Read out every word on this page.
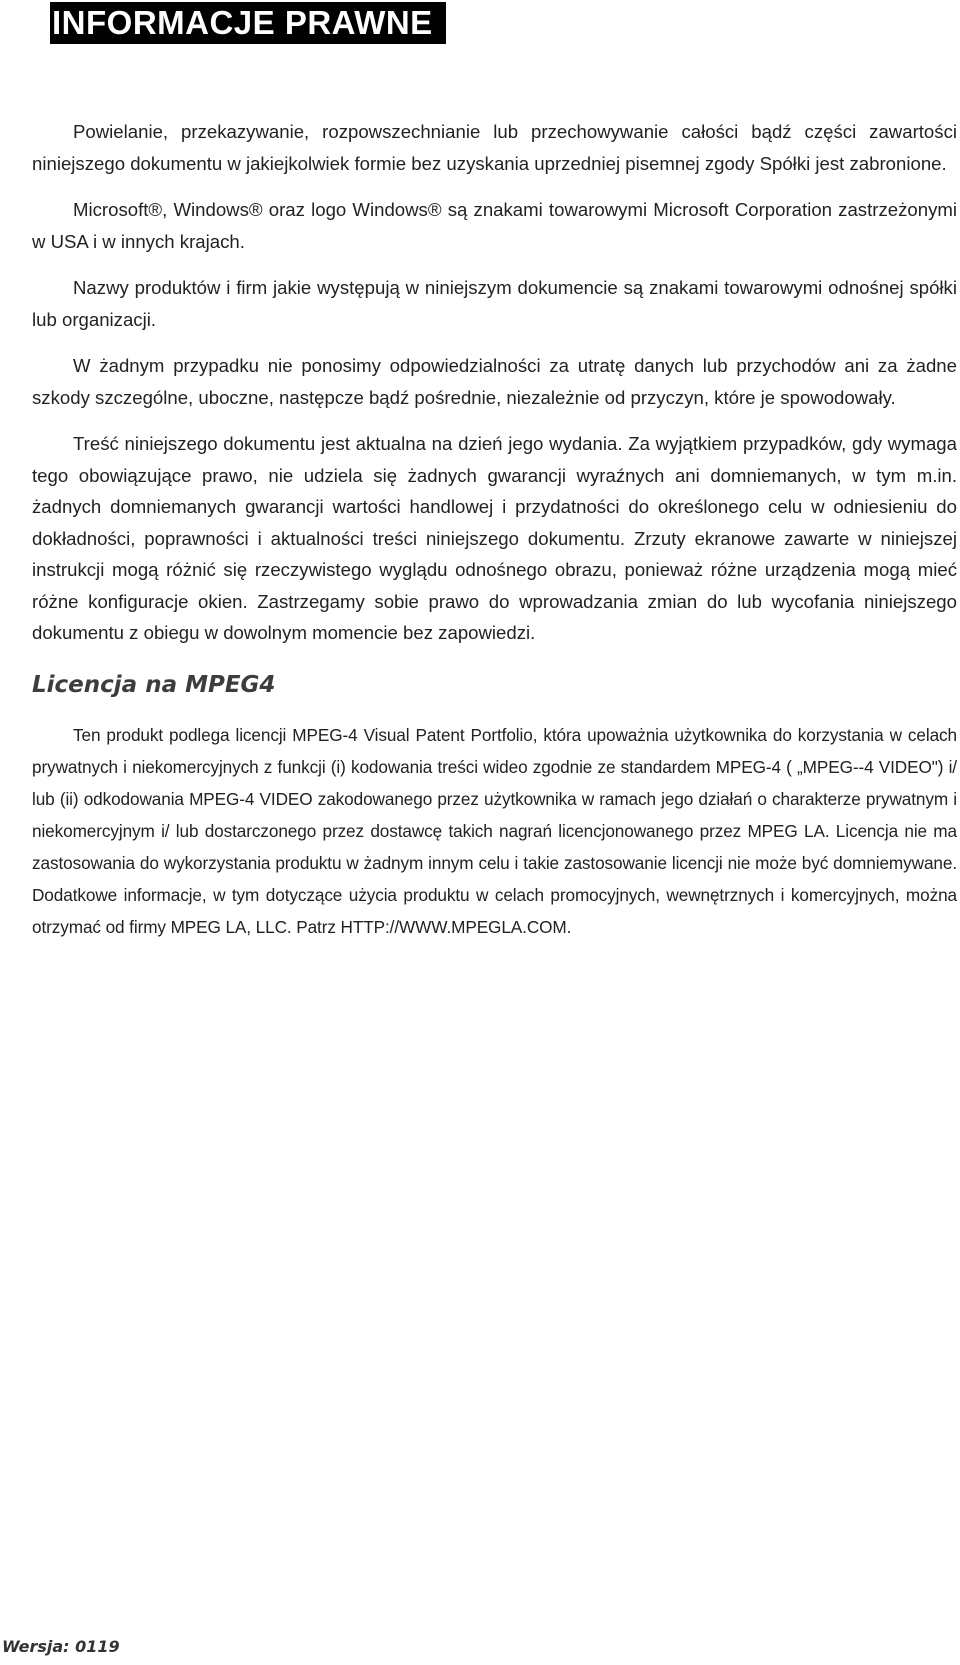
INFORMACJE PRAWNE

Powielanie, przekazywanie, rozpowszechnianie lub przechowywanie całości bądź części zawartości niniejszego dokumentu w jakiejkolwiek formie bez uzyskania uprzedniej pisemnej zgody Spółki jest zabronione.

Microsoft®, Windows® oraz logo Windows® są znakami towarowymi Microsoft Corporation zastrzeżonymi w USA i w innych krajach.

Nazwy produktów i firm jakie występują w niniejszym dokumencie są znakami towarowymi odnośnej spółki lub organizacji.

W żadnym przypadku nie ponosimy odpowiedzialności za utratę danych lub przychodów ani za żadne szkody szczególne, uboczne, następcze bądź pośrednie, niezależnie od przyczyn, które je spowodowały.

Treść niniejszego dokumentu jest aktualna na dzień jego wydania. Za wyjątkiem przypadków, gdy wymaga tego obowiązujące prawo, nie udziela się żadnych gwarancji wyraźnych ani domniemanych, w tym m.in. żadnych domniemanych gwarancji wartości handlowej i przydatności do określonego celu w odniesieniu do dokładności, poprawności i aktualności treści niniejszego dokumentu. Zrzuty ekranowe zawarte w niniejszej instrukcji mogą różnić się rzeczywistego wyglądu odnośnego obrazu, ponieważ różne urządzenia mogą mieć różne konfiguracje okien. Zastrzegamy sobie prawo do wprowadzania zmian do lub wycofania niniejszego dokumentu z obiegu w dowolnym momencie bez zapowiedzi.

Licencja na MPEG4

Ten produkt podlega licencji MPEG-4 Visual Patent Portfolio, która upoważnia użytkownika do korzystania w celach prywatnych i niekomercyjnych z funkcji (i) kodowania treści wideo zgodnie ze standardem MPEG-4 ( „MPEG--4 VIDEO") i/ lub (ii) odkodowania MPEG-4 VIDEO zakodowanego przez użytkownika w ramach jego działań o charakterze prywatnym i niekomercyjnym i/ lub dostarczonego przez dostawcę takich nagrań licencjonowanego przez MPEG LA. Licencja nie ma zastosowania do wykorzystania produktu w żadnym innym celu i takie zastosowanie licencji nie może być domniemywane. Dodatkowe informacje, w tym dotyczące użycia produktu w celach promocyjnych, wewnętrznych i komercyjnych, można otrzymać od firmy MPEG LA, LLC. Patrz HTTP://WWW.MPEGLA.COM.

Wersja: 0119
